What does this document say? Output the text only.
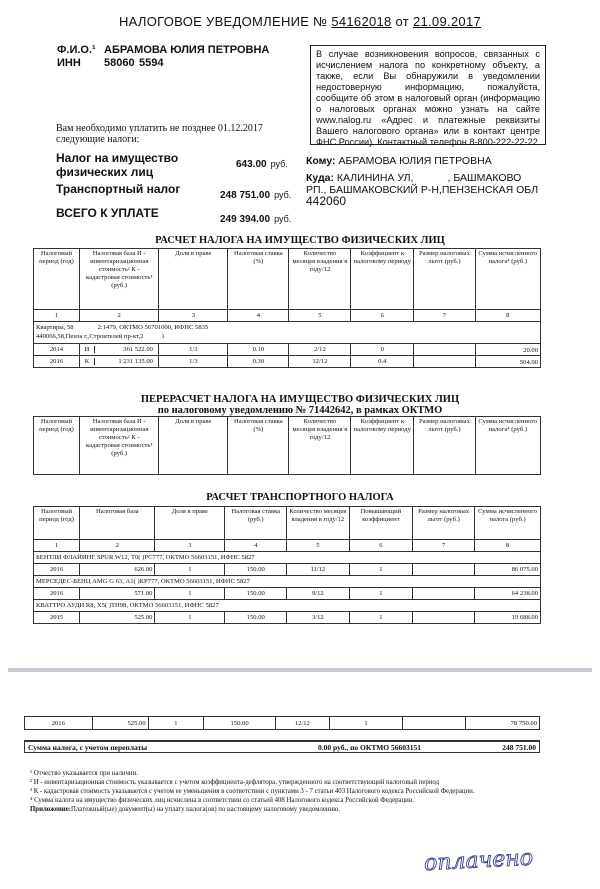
НАЛОГОВОЕ УВЕДОМЛЕНИЕ № 54162018 от 21.09.2017
Ф.И.О.¹ АБРАМОВА ЮЛИЯ ПЕТРОВНА
ИНН 58060 5594
В случае возникновения вопросов, связанных с исчислением налога по конкретному объекту, а также, если Вы обнаружили в уведомлении недостоверную информацию, пожалуйста, сообщите об этом в налоговый орган (информацию о налоговых органах можно узнать на сайте www.nalog.ru «Адрес и платежные реквизиты Вашего налогового органа» или в контакт центре ФНС России). Контактный телефон 8-800-222-22-22
Вам необходимо уплатить не позднее 01.12.2017
следующие налоги:
Налог на имущество
физических лиц
643.00 руб.
Транспортный налог	248 751.00 руб.
ВСЕГО К УПЛАТЕ	249 394.00 руб.
Кому: АБРАМОВА ЮЛИЯ ПЕТРОВНА
Куда: КАЛИНИНА УЛ,	, БАШМАКОВО
РП., БАШМАКОВСКИЙ Р-Н,ПЕНЗЕНСКАЯ ОБЛ
442060
РАСЧЕТ НАЛОГА НА ИМУЩЕСТВО ФИЗИЧЕСКИХ ЛИЦ
Налоговый период (год)	Налоговая база И - инвентаризационная стоимость² К - кадастровая стоимость³ (руб.)	Доля в праве	Налоговая ставка (%)	Количество месяцев владения в году/12	Коэффициент к налоговому периоду	Размер налоговых льгот (руб.)	Сумма исчисленного налога⁴ (руб.)
1	2	3	4	5	6	7	8
Квартиры, 58 2:1479, ОКТМО 56701000, ИФНС 5835
440066,58,Пенза г,,Строителей пр-кт,2 1							
2014	И 361 522.00	1/3	0.10	2/12	0		20.00
2016	К 1 231 135.00	1/3	0.30	12/12	0.4		504.00
ПЕРЕРАСЧЕТ НАЛОГА НА ИМУЩЕСТВО ФИЗИЧЕСКИХ ЛИЦ
по налоговому уведомлению № 71442642, в рамках ОКТМО
Налоговый период (год)	Налоговая база И - инвентаризационная стоимость² К - кадастровая стоимость³ (руб.)	Доля в праве	Налоговая ставка (%)	Количество месяцев владения в году/12	Коэффициент к налоговому периоду	Размер налоговых льгот (руб.)	Сумма исчисленного налога⁴ (руб.)
РАСЧЕТ ТРАНСПОРТНОГО НАЛОГА
Налоговый период (год)	Налоговая база	Доля в праве	Налоговая ставка (руб.)	Количество месяцев владения в году/12	Повышающий коэффициент	Размер налоговых льгот (руб.)	Сумма исчисленного налога (руб.)
1	2	3	4	5	6	7	8
БЕНТЛИ ФЛАЙИНГ SPUR W12, Т0( )РС777, ОКТМО 56603151, ИФНС 5827							
2016	626.00	1	150.00	11/12	1		86 075.00
МЕРСЕДЕС-БЕНЦ AMG G 63, А1( )КР777, ОКТМО 56603151, ИФНС 5827							
2016	571.00	1	150.00	9/12	1		64 238.00
КВАТТРО АУДИ R8, Х5( )ТН98, ОКТМО 56603151, ИФНС 5827							
2015	525.00	1	150.00	3/12	1		19 688.00
2016	525.00	1	150.00	12/12	1		78 750.00
Сумма налога, с учетом переплаты	0.00 руб., по ОКТМО 56603151	248 751.00
¹ Отчество указывается при наличии.
² И - инвентаризационная стоимость указывается с учетом коэффициента-дефлятора, утвержденного на соответствующий налоговый период
³ К - кадастровая стоимость указывается с учетом ее уменьшения в соответствии с пунктами 3 - 7 статьи 403 Налогового кодекса Российской Федерации.
⁴ Сумма налога на имущество физических лиц исчислена в соответствии со статьей 408 Налогового кодекса Российской Федерации.
Приложение:Платежный(ые) документ(ы) на уплату налога(ов) по настоящему налоговому уведомлению.
оплачено
